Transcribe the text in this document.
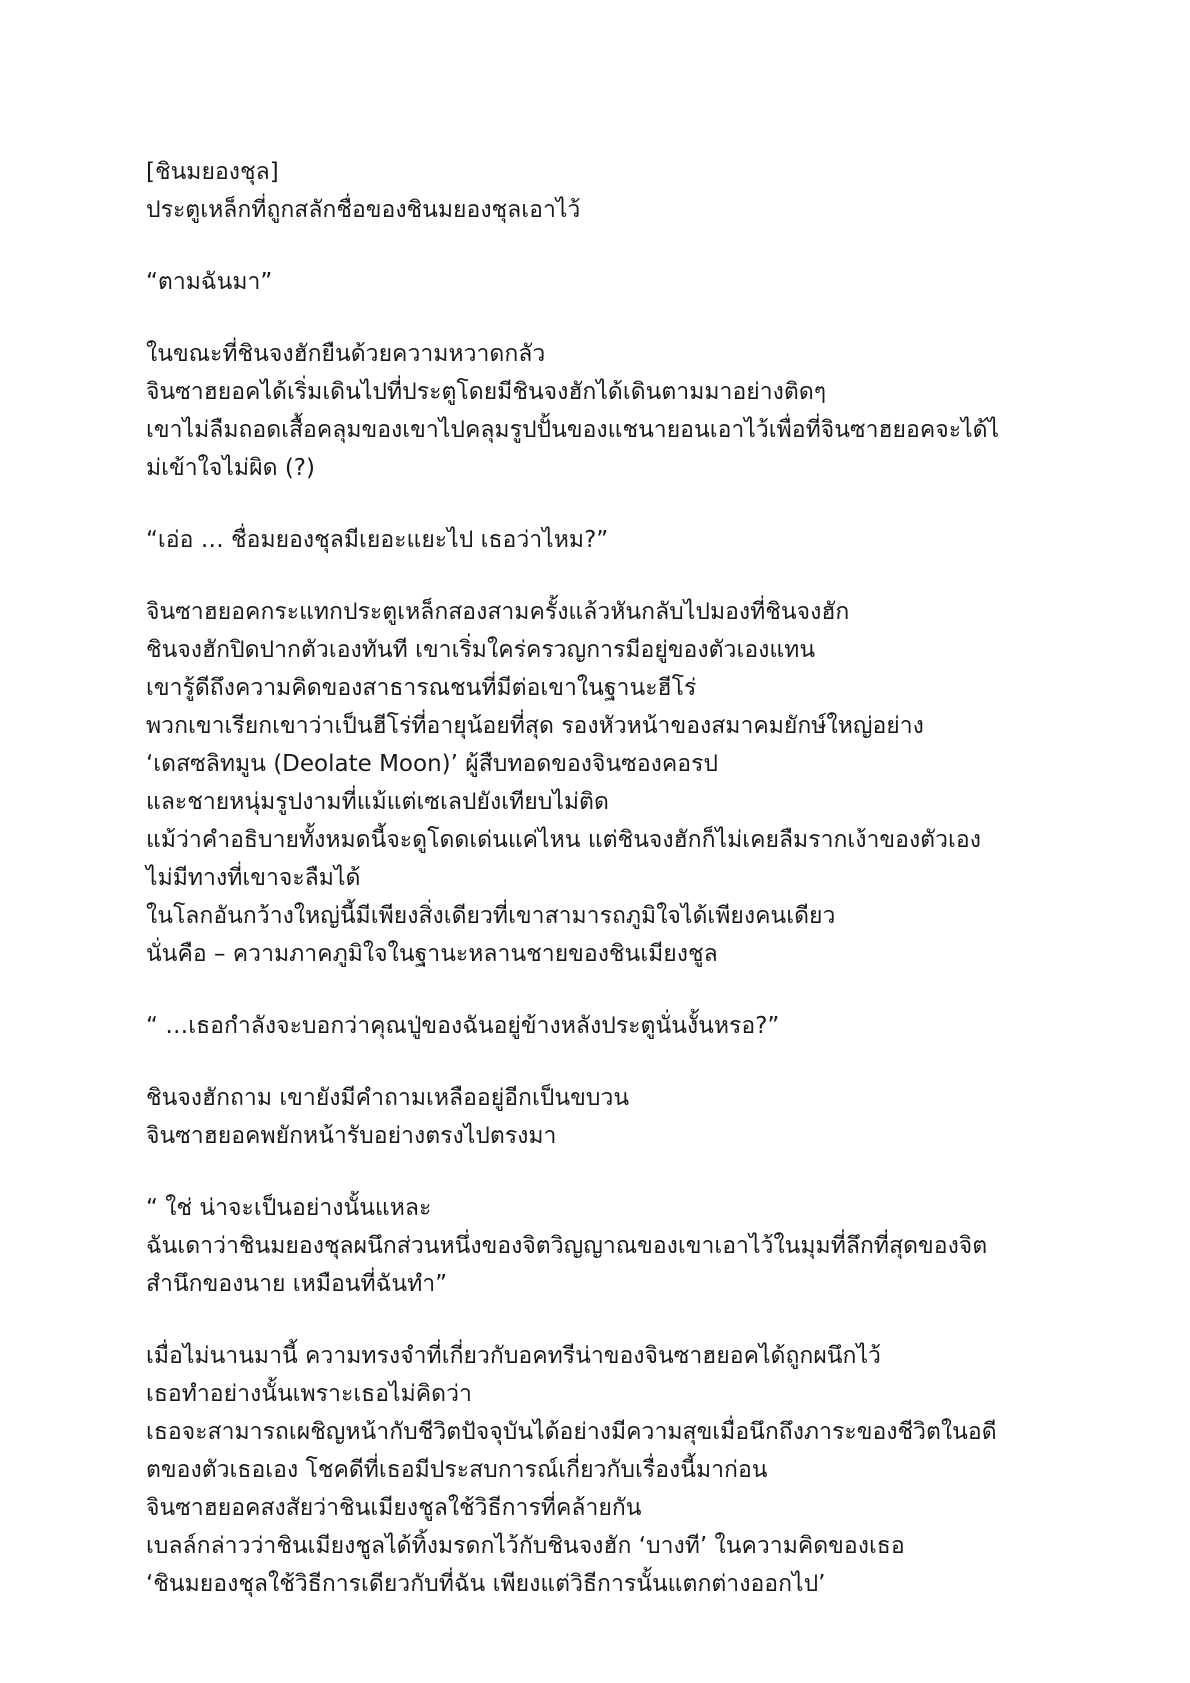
[ชินมยองชุล]
ประตูเหล็กที่ถูกสลักชื่อของชินมยองชุลเอาไว้
“ตามฉันมา”
ในขณะที่ชินจงฮักยืนด้วยความหวาดกลัว
จินซาฮยอคได้เริ่มเดินไปที่ประตูโดยมีชินจงฮักได้เดินตามมาอย่างติดๆ
เขาไม่ลืมถอดเสื้อคลุมของเขาไปคลุมรูปปั้นของแชนายอนเอาไว้เพื่อที่จินซาฮยอคจะได้ไ
ม่เข้าใจไม่ผิด (?)
“เอ่อ … ชื่อมยองชุลมีเยอะแยะไป เธอว่าไหม?”
จินซาฮยอคกระแทกประตูเหล็กสองสามครั้งแล้วหันกลับไปมองที่ชินจงฮัก
ชินจงฮักปิดปากตัวเองทันที เขาเริ่มใคร่ครวญการมีอยู่ของตัวเองแทน
เขารู้ดีถึงความคิดของสาธารณชนที่มีต่อเขาในฐานะฮีโร่
พวกเขาเรียกเขาว่าเป็นฮีโร่ที่อายุน้อยที่สุด รองหัวหน้าของสมาคมยักษ์ใหญ่อย่าง
‘เดสซลิทมูน (Deolate Moon)’ ผู้สืบทอดของจินซองคอรป
และชายหนุ่มรูปงามที่แม้แต่เซเลปยังเทียบไม่ติด
แม้ว่าคำอธิบายทั้งหมดนี้จะดูโดดเด่นแค่ไหน แต่ชินจงฮักก็ไม่เคยลืมรากเง้าของตัวเอง
ไม่มีทางที่เขาจะลืมได้
ในโลกอันกว้างใหญ่นี้มีเพียงสิ่งเดียวที่เขาสามารถภูมิใจได้เพียงคนเดียว
นั่นคือ – ความภาคภูมิใจในฐานะหลานชายของชินเมียงชูล
“ …เธอกำลังจะบอกว่าคุณปู่ของฉันอยู่ข้างหลังประตูนั่นงั้นหรอ?”
ชินจงฮักถาม เขายังมีคำถามเหลืออยู่อีกเป็นขบวน
จินซาฮยอคพยักหน้ารับอย่างตรงไปตรงมา
“ ใช่ น่าจะเป็นอย่างนั้นแหละ
ฉันเดาว่าชินมยองชุลผนึกส่วนหนึ่งของจิตวิญญาณของเขาเอาไว้ในมุมที่ลึกที่สุดของจิต
สำนึกของนาย เหมือนที่ฉันทำ”
เมื่อไม่นานมานี้ ความทรงจำที่เกี่ยวกับอคทรีน่าของจินซาฮยอคได้ถูกผนึกไว้
เธอทำอย่างนั้นเพราะเธอไม่คิดว่า
เธอจะสามารถเผชิญหน้ากับชีวิตปัจจุบันได้อย่างมีความสุขเมื่อนึกถึงภาระของชีวิตในอดี
ตของตัวเธอเอง โชคดีที่เธอมีประสบการณ์เกี่ยวกับเรื่องนี้มาก่อน
จินซาฮยอคสงสัยว่าชินเมียงชูลใช้วิธีการที่คล้ายกัน
เบลล์กล่าวว่าชินเมียงชูลได้ทิ้งมรดกไว้กับชินจงฮัก ‘บางที’ ในความคิดของเธอ
‘ชินมยองชุลใช้วิธีการเดียวกับที่ฉัน เพียงแต่วิธีการนั้นแตกต่างออกไป’
